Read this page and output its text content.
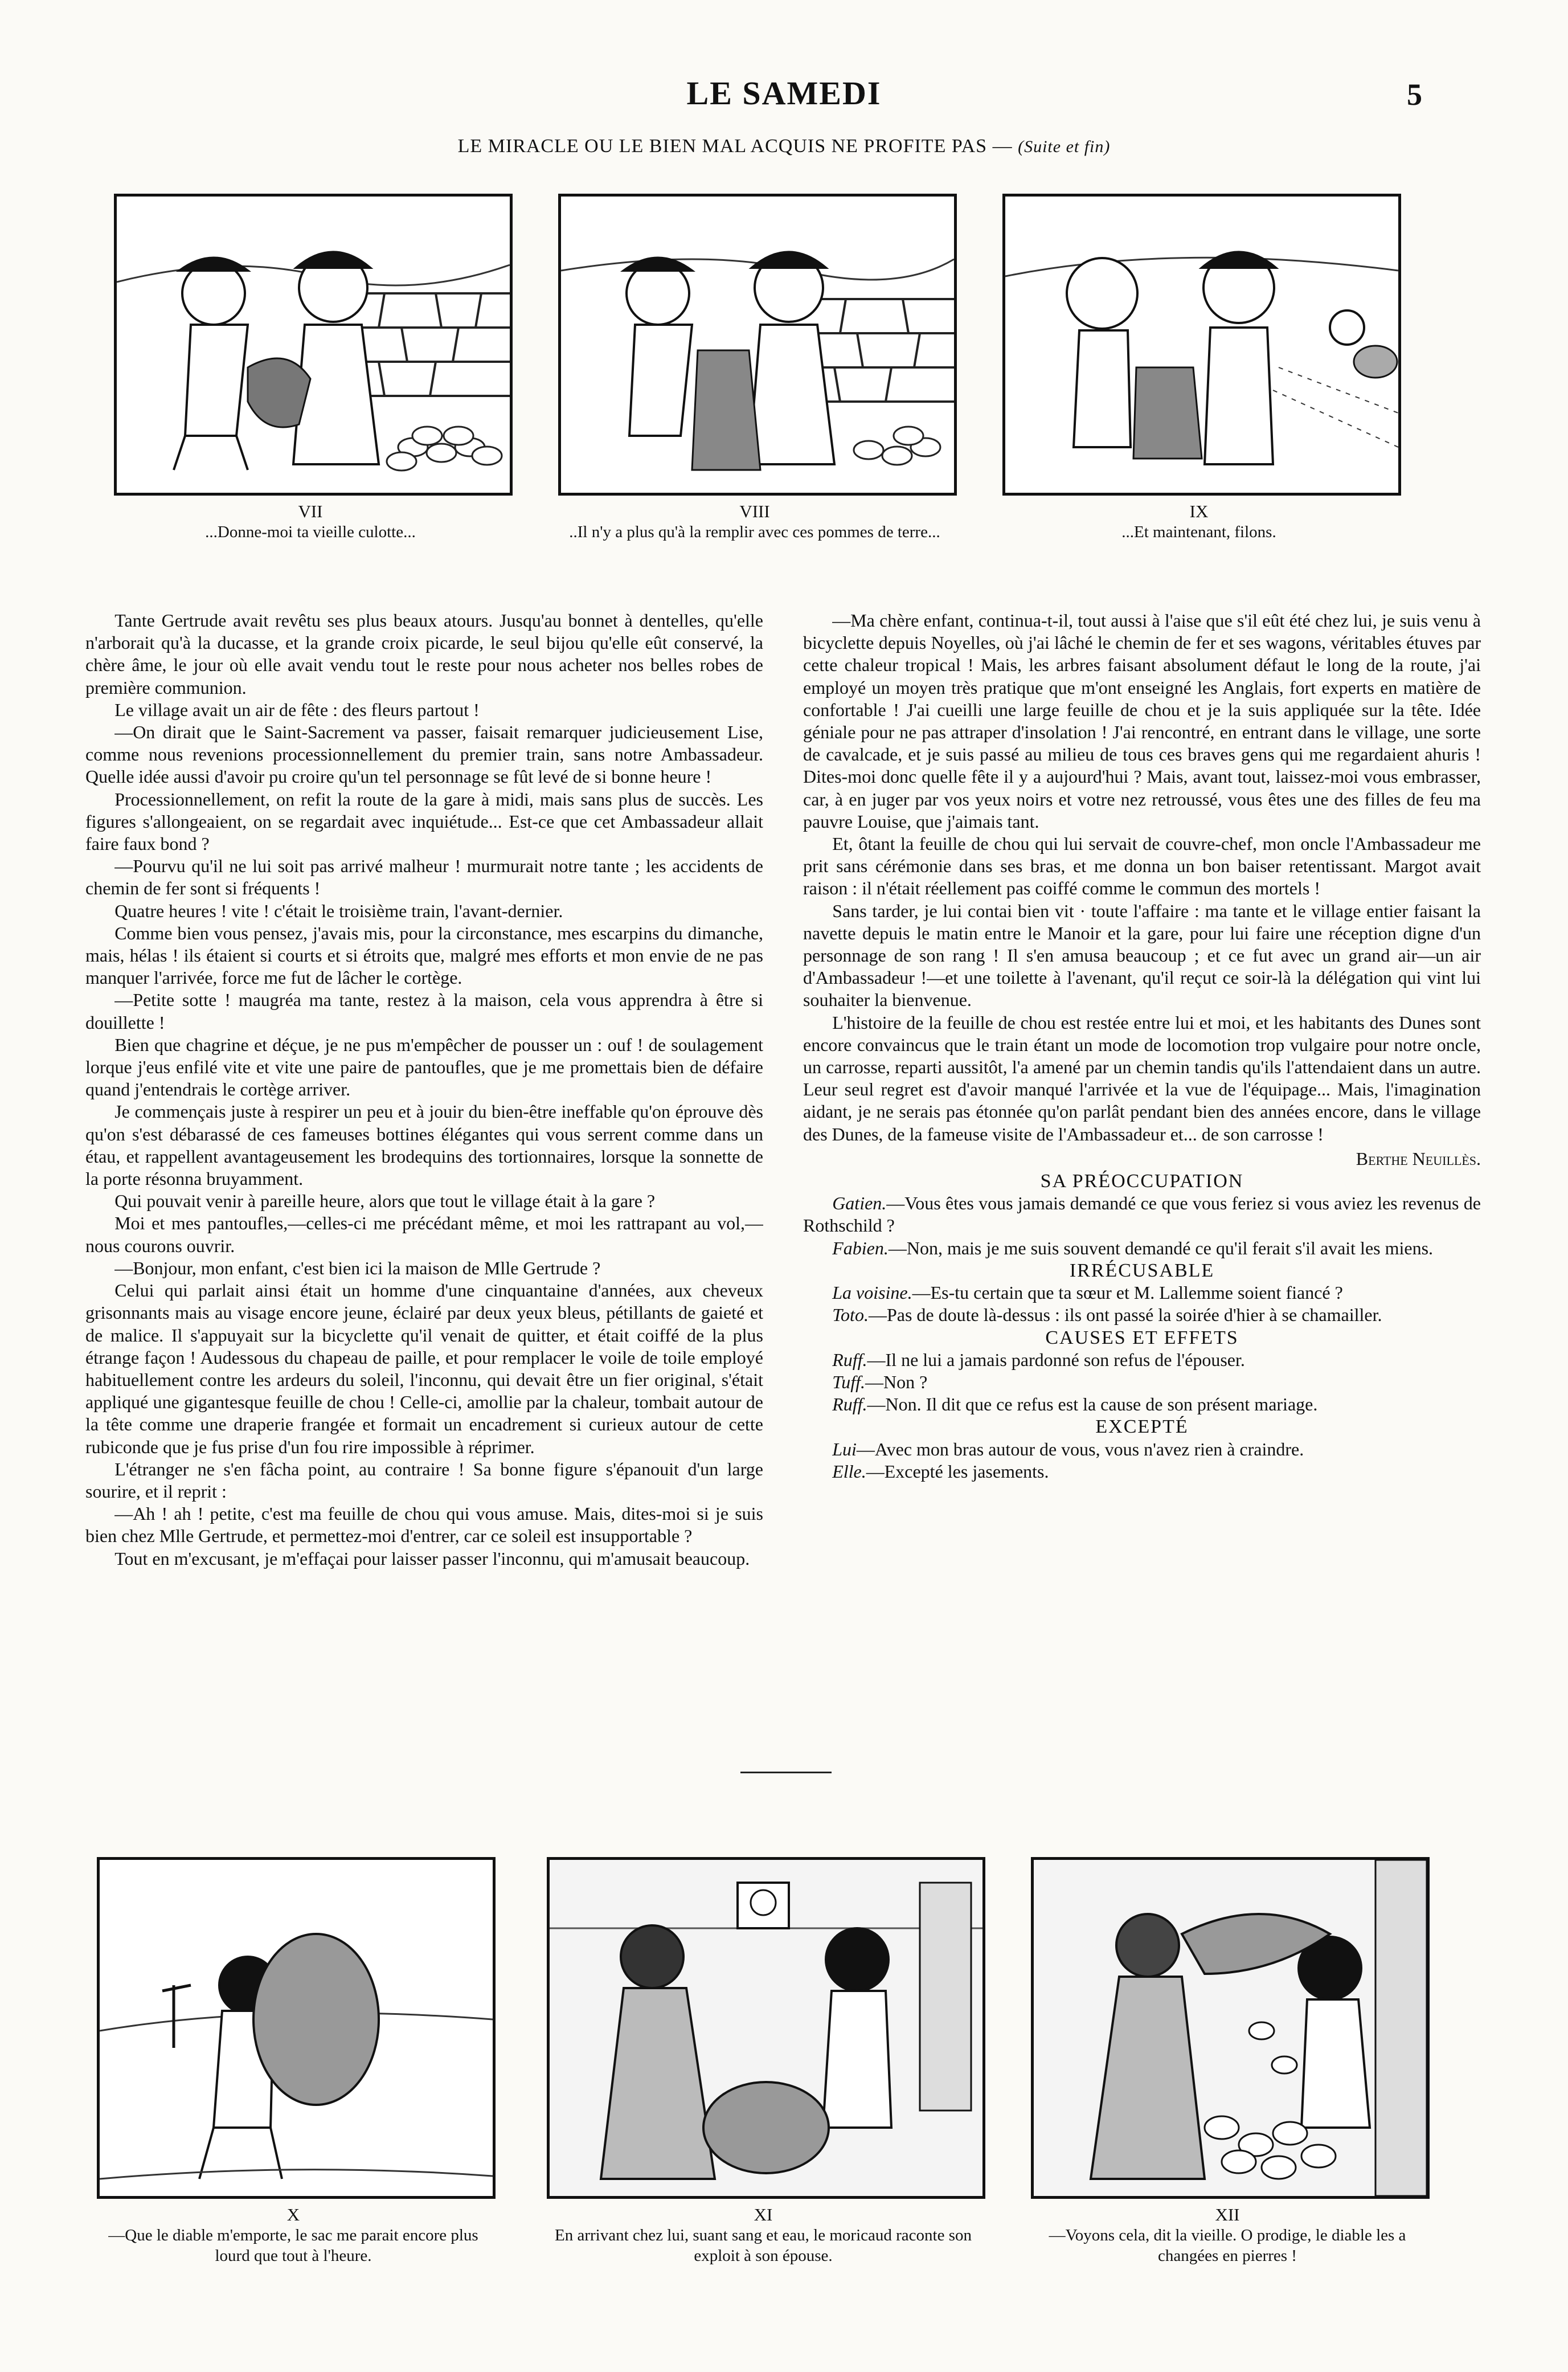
LE SAMEDI	5
LE MIRACLE OU LE BIEN MAL ACQUIS NE PROFITE PAS — (Suite et fin)
VII
...Donne-moi ta vieille culotte...
VIII
..Il n'y a plus qu'à la remplir avec ces pommes de terre...
IX
...Et maintenant, filons.

Tante Gertrude avait revêtu ses plus beaux atours. Jusqu'au bonnet à dentelles, qu'elle n'arborait qu'à la ducasse, et la grande croix picarde, le seul bijou qu'elle eût conservé, la chère âme, le jour où elle avait vendu tout le reste pour nous acheter nos belles robes de première communion.

Le village avait un air de fête : des fleurs partout !

—On dirait que le Saint-Sacrement va passer, faisait remarquer judicieusement Lise, comme nous revenions processionnellement du premier train, sans notre Ambassadeur. Quelle idée aussi d'avoir pu croire qu'un tel personnage se fût levé de si bonne heure !

Processionnellement, on refit la route de la gare à midi, mais sans plus de succès. Les figures s'allongeaient, on se regardait avec inquiétude... Est-ce que cet Ambassadeur allait faire faux bond ?

—Pourvu qu'il ne lui soit pas arrivé malheur ! murmurait notre tante ; les accidents de chemin de fer sont si fréquents !

Quatre heures ! vite ! c'était le troisième train, l'avant-dernier.

Comme bien vous pensez, j'avais mis, pour la circonstance, mes escarpins du dimanche, mais, hélas ! ils étaient si courts et si étroits que, malgré mes efforts et mon envie de ne pas manquer l'arrivée, force me fut de lâcher le cortège.

—Petite sotte ! maugréa ma tante, restez à la maison, cela vous apprendra à être si douillette !

Bien que chagrine et déçue, je ne pus m'empêcher de pousser un : ouf ! de soulagement lorque j'eus enfilé vite et vite une paire de pantoufles, que je me promettais bien de défaire quand j'entendrais le cortège arriver.

Je commençais juste à respirer un peu et à jouir du bien-être ineffable qu'on éprouve dès qu'on s'est débarassé de ces fameuses bottines élégantes qui vous serrent comme dans un étau, et rappellent avantageusement les brodequins des tortionnaires, lorsque la sonnette de la porte résonna bruyamment.

Qui pouvait venir à pareille heure, alors que tout le village était à la gare ?

Moi et mes pantoufles,—celles-ci me précédant même, et moi les rattrapant au vol,—nous courons ouvrir.

—Bonjour, mon enfant, c'est bien ici la maison de Mlle Gertrude ?

Celui qui parlait ainsi était un homme d'une cinquantaine d'années, aux cheveux grisonnants mais au visage encore jeune, éclairé par deux yeux bleus, pétillants de gaieté et de malice. Il s'appuyait sur la bicyclette qu'il venait de quitter, et était coiffé de la plus étrange façon ! Audessous du chapeau de paille, et pour remplacer le voile de toile employé habituellement contre les ardeurs du soleil, l'inconnu, qui devait être un fier original, s'était appliqué une gigantesque feuille de chou ! Celle-ci, amollie par la chaleur, tombait autour de la tête comme une draperie frangée et formait un encadrement si curieux autour de cette rubiconde que je fus prise d'un fou rire impossible à réprimer.

L'étranger ne s'en fâcha point, au contraire ! Sa bonne figure s'épanouit d'un large sourire, et il reprit :

—Ah ! ah ! petite, c'est ma feuille de chou qui vous amuse. Mais, dites-moi si je suis bien chez Mlle Gertrude, et permettez-moi d'entrer, car ce soleil est insupportable ?

Tout en m'excusant, je m'effaçai pour laisser passer l'inconnu, qui m'amusait beaucoup.

—Ma chère enfant, continua-t-il, tout aussi à l'aise que s'il eût été chez lui, je suis venu à bicyclette depuis Noyelles, où j'ai lâché le chemin de fer et ses wagons, véritables étuves par cette chaleur tropical ! Mais, les arbres faisant absolument défaut le long de la route, j'ai employé un moyen très pratique que m'ont enseigné les Anglais, fort experts en matière de confortable ! J'ai cueilli une large feuille de chou et je la suis appliquée sur la tête. Idée géniale pour ne pas attraper d'insolation ! J'ai rencontré, en entrant dans le village, une sorte de cavalcade, et je suis passé au milieu de tous ces braves gens qui me regardaient ahuris ! Dites-moi donc quelle fête il y a aujourd'hui ? Mais, avant tout, laissez-moi vous embrasser, car, à en juger par vos yeux noirs et votre nez retroussé, vous êtes une des filles de feu ma pauvre Louise, que j'aimais tant.

Et, ôtant la feuille de chou qui lui servait de couvre-chef, mon oncle l'Ambassadeur me prit sans cérémonie dans ses bras, et me donna un bon baiser retentissant. Margot avait raison : il n'était réellement pas coiffé comme le commun des mortels !

Sans tarder, je lui contai bien vit · toute l'affaire : ma tante et le village entier faisant la navette depuis le matin entre le Manoir et la gare, pour lui faire une réception digne d'un personnage de son rang ! Il s'en amusa beaucoup ; et ce fut avec un grand air—un air d'Ambassadeur !—et une toilette à l'avenant, qu'il reçut ce soir-là la délégation qui vint lui souhaiter la bienvenue.

L'histoire de la feuille de chou est restée entre lui et moi, et les habitants des Dunes sont encore convaincus que le train étant un mode de locomotion trop vulgaire pour notre oncle, un carrosse, reparti aussitôt, l'a amené par un chemin tandis qu'ils l'attendaient dans un autre. Leur seul regret est d'avoir manqué l'arrivée et la vue de l'équipage... Mais, l'imagination aidant, je ne serais pas étonnée qu'on parlât pendant bien des années encore, dans le village des Dunes, de la fameuse visite de l'Ambassadeur et... de son carrosse !

Berthe Neuillès.

SA PRÉOCCUPATION

Gatien.—Vous êtes vous jamais demandé ce que vous feriez si vous aviez les revenus de Rothschild ?

Fabien.—Non, mais je me suis souvent demandé ce qu'il ferait s'il avait les miens.

IRRÉCUSABLE

La voisine.—Es-tu certain que ta sœur et M. Lallemme soient fiancé ?

Toto.—Pas de doute là-dessus : ils ont passé la soirée d'hier à se chamailler.

CAUSES ET EFFETS

Ruff.—Il ne lui a jamais pardonné son refus de l'épouser.

Tuff.—Non ?

Ruff.—Non. Il dit que ce refus est la cause de son présent mariage.

EXCEPTÉ

Lui—Avec mon bras autour de vous, vous n'avez rien à craindre.

Elle.—Excepté les jasements.

X
—Que le diable m'emporte, le sac me parait encore plus lourd que tout à l'heure.
XI
En arrivant chez lui, suant sang et eau, le moricaud raconte son exploit à son épouse.
XII
—Voyons cela, dit la vieille. O prodige, le diable les a changées en pierres !
